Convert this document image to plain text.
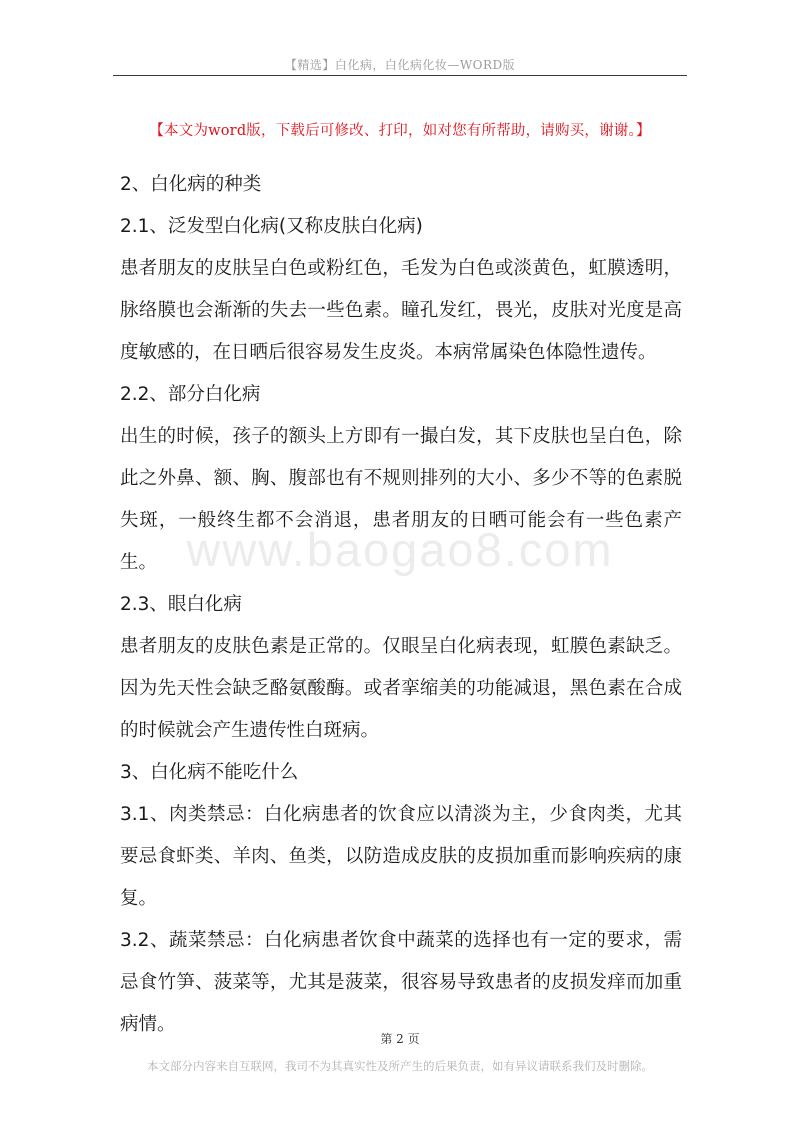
【精选】白化病，白化病化妆—WORD版
【本文为word版，下载后可修改、打印，如对您有所帮助，请购买，谢谢。】
www.baogao8.com

2、白化病的种类

2.1、泛发型白化病(又称皮肤白化病)

患者朋友的皮肤呈白色或粉红色，毛发为白色或淡黄色，虹膜透明，脉络膜也会渐渐的失去一些色素。瞳孔发红，畏光，皮肤对光度是高度敏感的，在日晒后很容易发生皮炎。本病常属染色体隐性遗传。

2.2、部分白化病

出生的时候，孩子的额头上方即有一撮白发，其下皮肤也呈白色，除此之外鼻、额、胸、腹部也有不规则排列的大小、多少不等的色素脱失斑，一般终生都不会消退，患者朋友的日晒可能会有一些色素产生。

2.3、眼白化病

患者朋友的皮肤色素是正常的。仅眼呈白化病表现，虹膜色素缺乏。因为先天性会缺乏酪氨酸酶。或者挛缩美的功能减退，黑色素在合成的时候就会产生遗传性白斑病。

3、白化病不能吃什么

3.1、肉类禁忌：白化病患者的饮食应以清淡为主，少食肉类，尤其要忌食虾类、羊肉、鱼类，以防造成皮肤的皮损加重而影响疾病的康复。

3.2、蔬菜禁忌：白化病患者饮食中蔬菜的选择也有一定的要求，需忌食竹笋、菠菜等，尤其是菠菜，很容易导致患者的皮损发痒而加重病情。

第 2 页
本文部分内容来自互联网，我司不为其真实性及所产生的后果负责，如有异议请联系我们及时删除。
